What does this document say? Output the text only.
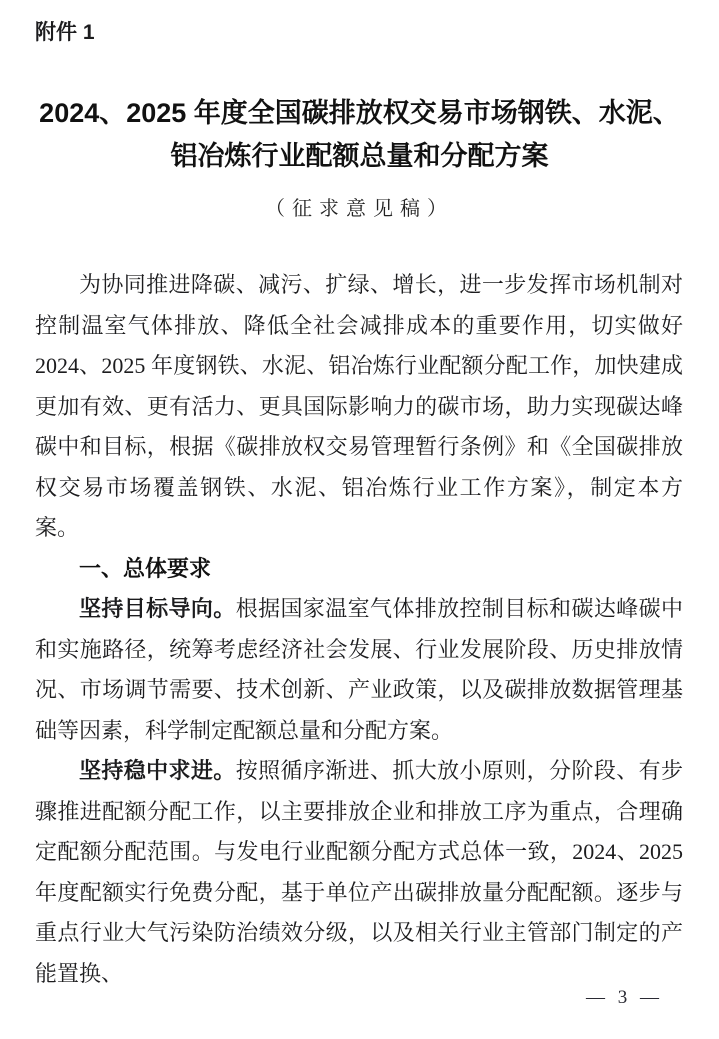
附件 1
2024、2025 年度全国碳排放权交易市场钢铁、水泥、
铝冶炼行业配额总量和分配方案
（征求意见稿）

为协同推进降碳、减污、扩绿、增长，进一步发挥市场机制对控制温室气体排放、降低全社会减排成本的重要作用，切实做好 2024、2025 年度钢铁、水泥、铝冶炼行业配额分配工作，加快建成更加有效、更有活力、更具国际影响力的碳市场，助力实现碳达峰碳中和目标，根据《碳排放权交易管理暂行条例》和《全国碳排放权交易市场覆盖钢铁、水泥、铝冶炼行业工作方案》，制定本方案。

一、总体要求

坚持目标导向。根据国家温室气体排放控制目标和碳达峰碳中和实施路径，统筹考虑经济社会发展、行业发展阶段、历史排放情况、市场调节需要、技术创新、产业政策，以及碳排放数据管理基础等因素，科学制定配额总量和分配方案。

坚持稳中求进。按照循序渐进、抓大放小原则，分阶段、有步骤推进配额分配工作，以主要排放企业和排放工序为重点，合理确定配额分配范围。与发电行业配额分配方式总体一致，2024、2025 年度配额实行免费分配，基于单位产出碳排放量分配配额。逐步与重点行业大气污染防治绩效分级，以及相关行业主管部门制定的产能置换、

— 3 —
